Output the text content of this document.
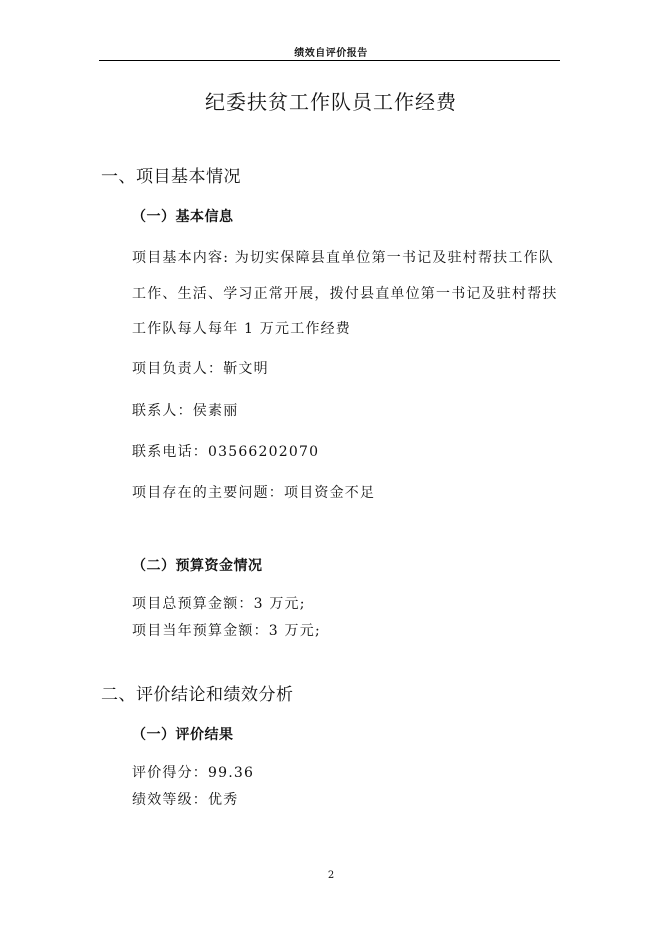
绩效自评价报告
纪委扶贫工作队员工作经费
一、项目基本情况
（一）基本信息
项目基本内容: 为切实保障县直单位第一书记及驻村帮扶工作队
工作、生活、学习正常开展，拨付县直单位第一书记及驻村帮扶
工作队每人每年 1 万元工作经费
项目负责人：靳文明
联系人：侯素丽
联系电话：03566202070
项目存在的主要问题：项目资金不足
（二）预算资金情况
项目总预算金额：3 万元;
项目当年预算金额：3 万元;
二、评价结论和绩效分析
（一）评价结果
评价得分：99.36
绩效等级：优秀
2
